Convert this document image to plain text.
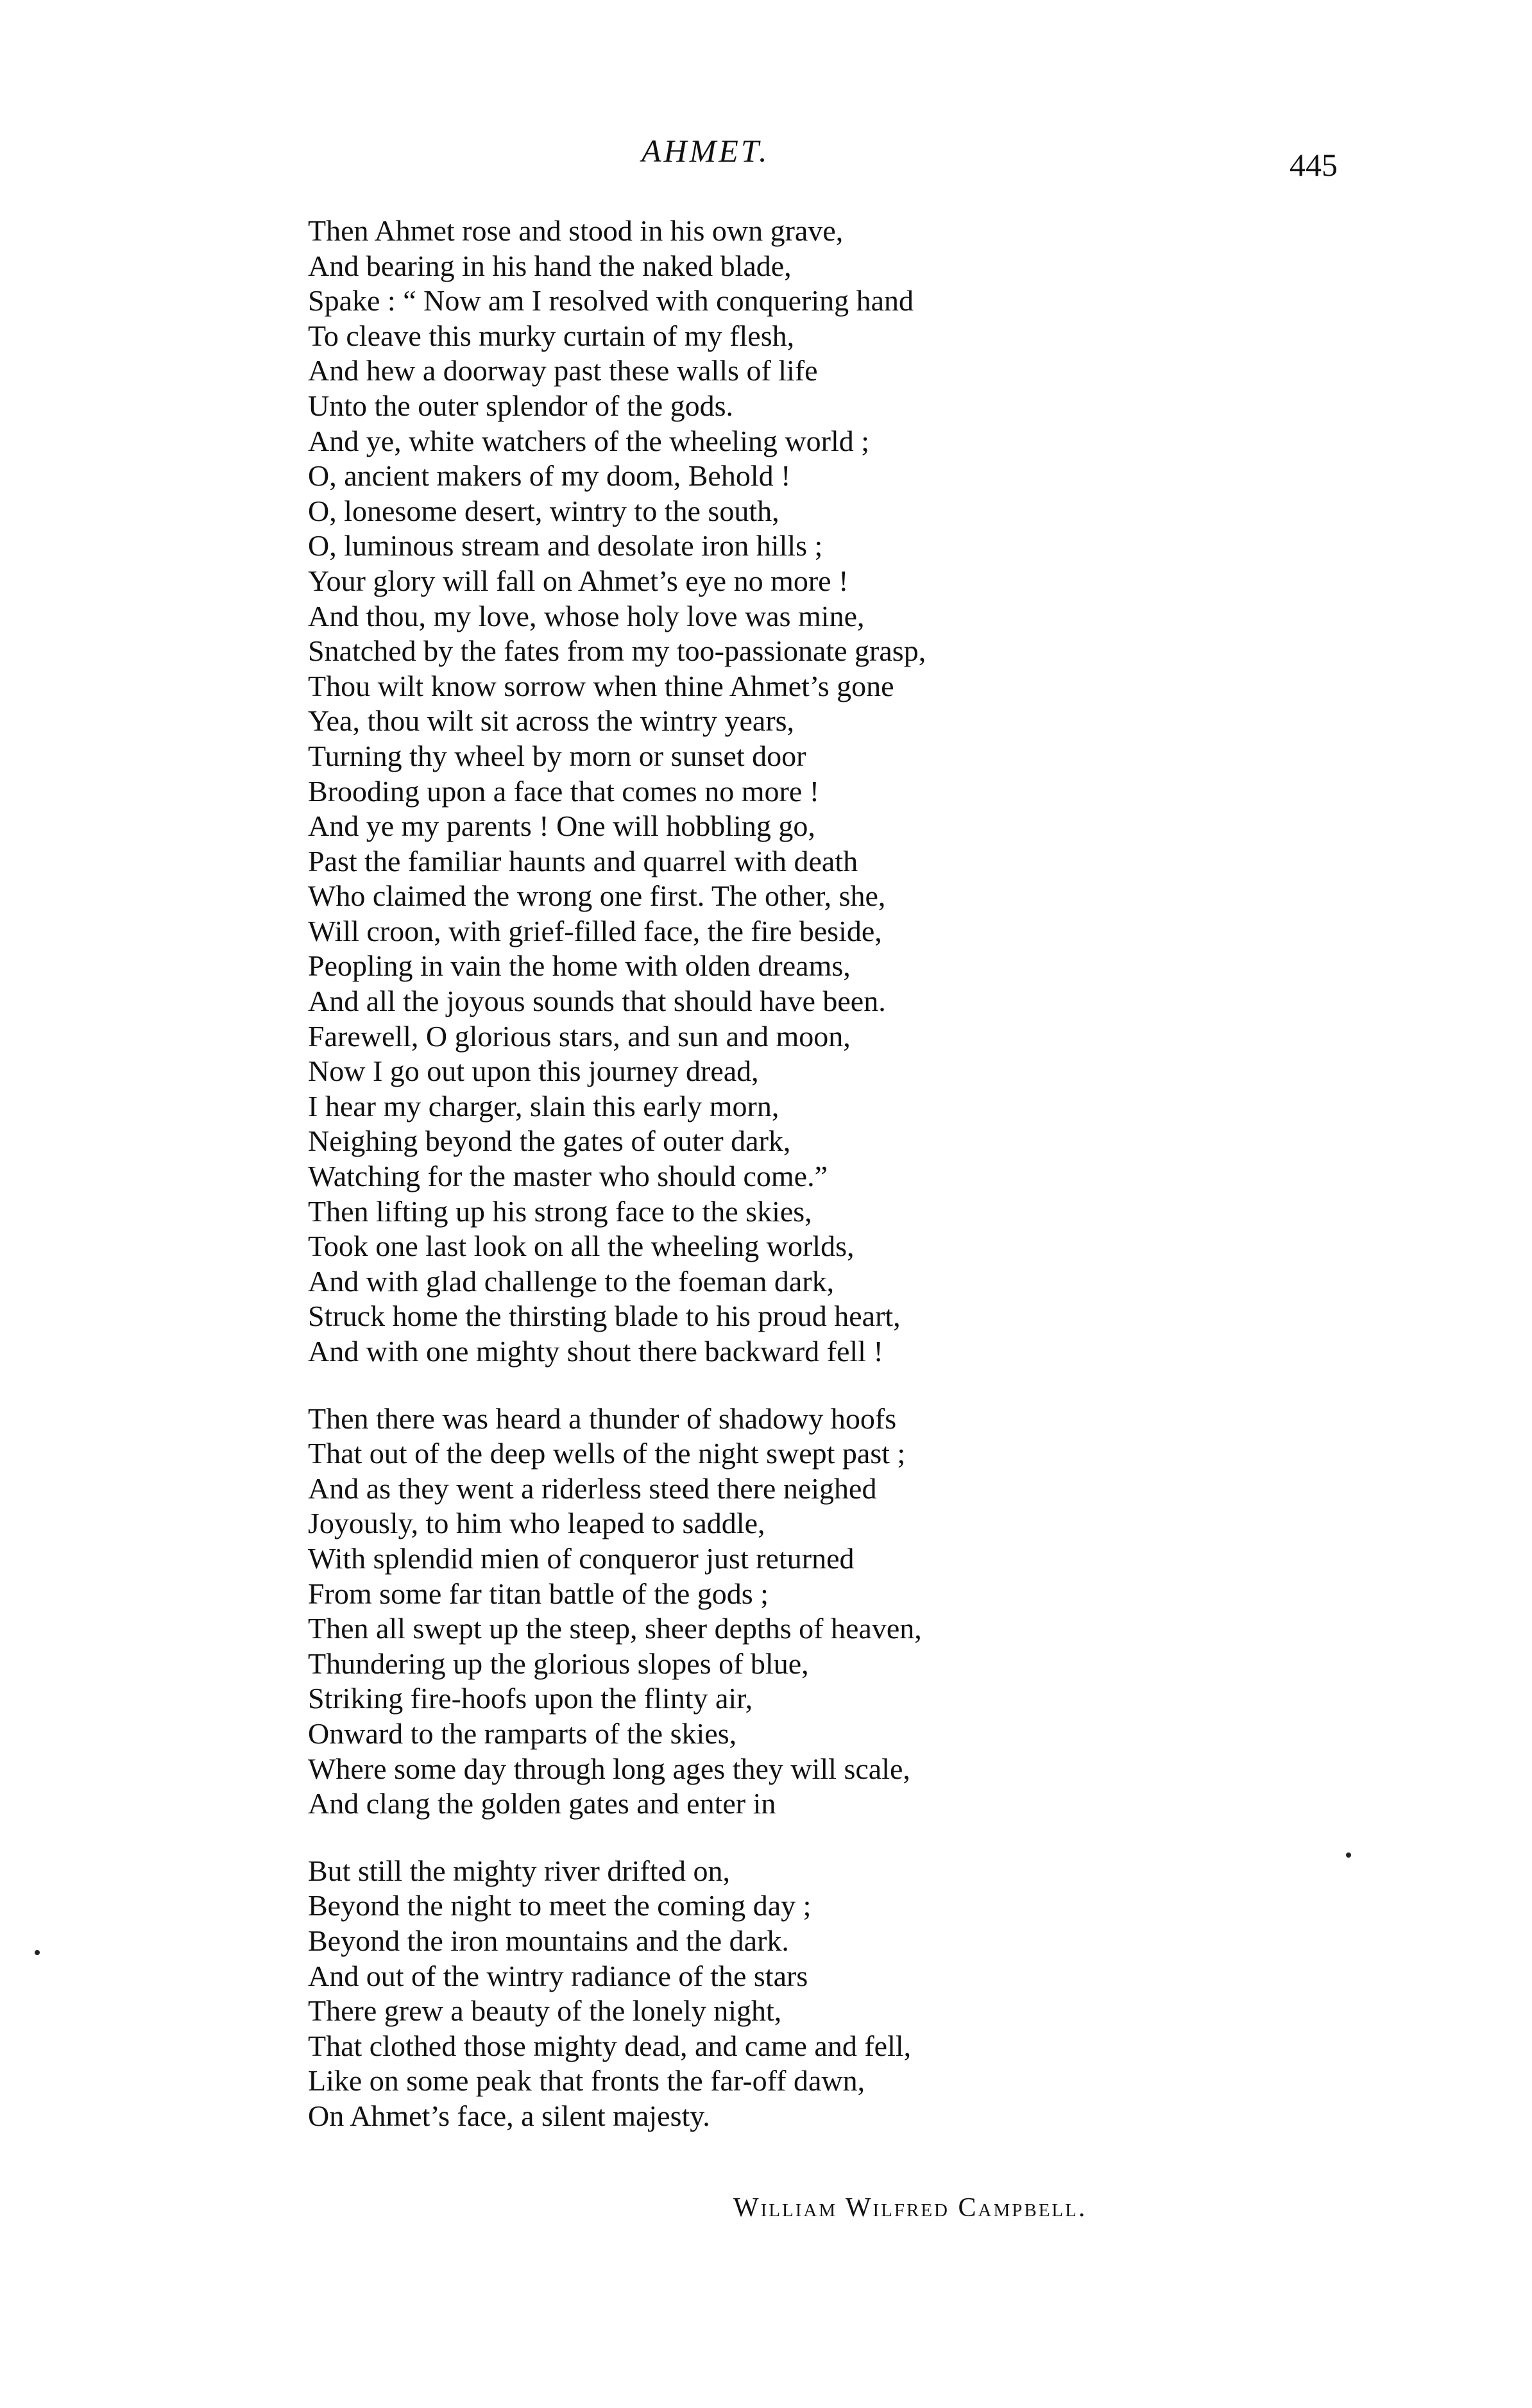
AHMET.	445
Then Ahmet rose and stood in his own grave,
And bearing in his hand the naked blade,
Spake : “ Now am I resolved with conquering hand
To cleave this murky curtain of my flesh,
And hew a doorway past these walls of life
Unto the outer splendor of the gods.
And ye, white watchers of the wheeling world ;
O, ancient makers of my doom, Behold !
O, lonesome desert, wintry to the south,
O, luminous stream and desolate iron hills ;
Your glory will fall on Ahmet’s eye no more !
And thou, my love, whose holy love was mine,
Snatched by the fates from my too-passionate grasp,
Thou wilt know sorrow when thine Ahmet’s gone
Yea, thou wilt sit across the wintry years,
Turning thy wheel by morn or sunset door
Brooding upon a face that comes no more !
And ye my parents ! One will hobbling go,
Past the familiar haunts and quarrel with death
Who claimed the wrong one first. The other, she,
Will croon, with grief-filled face, the fire beside,
Peopling in vain the home with olden dreams,
And all the joyous sounds that should have been.
Farewell, O glorious stars, and sun and moon,
Now I go out upon this journey dread,
I hear my charger, slain this early morn,
Neighing beyond the gates of outer dark,
Watching for the master who should come.”
Then lifting up his strong face to the skies,
Took one last look on all the wheeling worlds,
And with glad challenge to the foeman dark,
Struck home the thirsting blade to his proud heart,
And with one mighty shout there backward fell !
Then there was heard a thunder of shadowy hoofs
That out of the deep wells of the night swept past ;
And as they went a riderless steed there neighed
Joyously, to him who leaped to saddle,
With splendid mien of conqueror just returned
From some far titan battle of the gods ;
Then all swept up the steep, sheer depths of heaven,
Thundering up the glorious slopes of blue,
Striking fire-hoofs upon the flinty air,
Onward to the ramparts of the skies,
Where some day through long ages they will scale,
And clang the golden gates and enter in
But still the mighty river drifted on,
Beyond the night to meet the coming day ;
Beyond the iron mountains and the dark.
And out of the wintry radiance of the stars
There grew a beauty of the lonely night,
That clothed those mighty dead, and came and fell,
Like on some peak that fronts the far-off dawn,
On Ahmet’s face, a silent majesty.
William Wilfred Campbell.
